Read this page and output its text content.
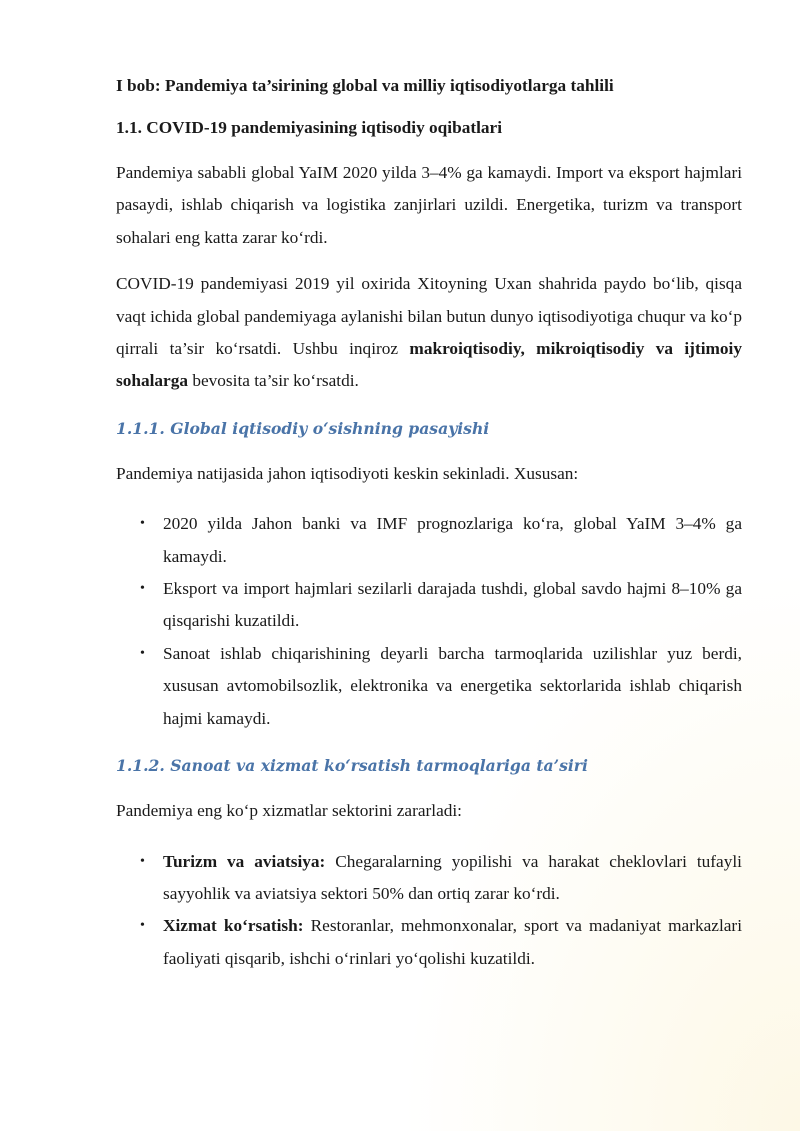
I bob: Pandemiya ta’sirining global va milliy iqtisodiyotlarga tahlili
1.1. COVID-19 pandemiyasining iqtisodiy oqibatlari

Pandemiya sababli global YaIM 2020 yilda 3–4% ga kamaydi. Import va eksport hajmlari pasaydi, ishlab chiqarish va logistika zanjirlari uzildi. Energetika, turizm va transport sohalari eng katta zarar ko‘rdi.

COVID-19 pandemiyasi 2019 yil oxirida Xitoyning Uxan shahrida paydo bo‘lib, qisqa vaqt ichida global pandemiyaga aylanishi bilan butun dunyo iqtisodiyotiga chuqur va ko‘p qirrali ta’sir ko‘rsatdi. Ushbu inqiroz makroiqtisodiy, mikroiqtisodiy va ijtimoiy sohalarga bevosita ta’sir ko‘rsatdi.

1.1.1. Global iqtisodiy o‘sishning pasayishi

Pandemiya natijasida jahon iqtisodiyoti keskin sekinladi. Xususan:

• 2020 yilda Jahon banki va IMF prognozlariga ko‘ra, global YaIM 3–4% ga kamaydi.
• Eksport va import hajmlari sezilarli darajada tushdi, global savdo hajmi 8–10% ga qisqarishi kuzatildi.
• Sanoat ishlab chiqarishining deyarli barcha tarmoqlarida uzilishlar yuz berdi, xususan avtomobilsozlik, elektronika va energetika sektorlarida ishlab chiqarish hajmi kamaydi.
1.1.2. Sanoat va xizmat ko‘rsatish tarmoqlariga ta’siri

Pandemiya eng ko‘p xizmatlar sektorini zararladi:

• Turizm va aviatsiya: Chegaralarning yopilishi va harakat cheklovlari tufayli sayyohlik va aviatsiya sektori 50% dan ortiq zarar ko‘rdi.
• Xizmat ko‘rsatish: Restoranlar, mehmonxonalar, sport va madaniyat markazlari faoliyati qisqarib, ishchi o‘rinlari yo‘qolishi kuzatildi.
